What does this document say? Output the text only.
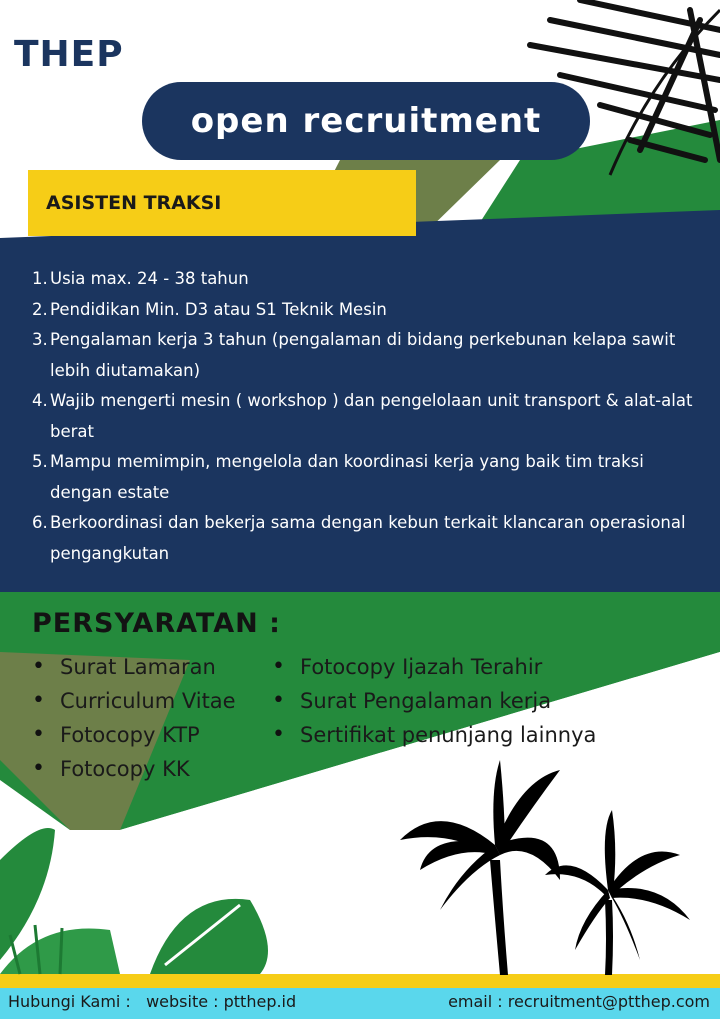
THEP
open recruitment
ASISTEN TRAKSI
1. Usia max. 24 - 38 tahun
2. Pendidikan Min. D3 atau S1 Teknik Mesin
3. Pengalaman kerja 3 tahun (pengalaman di bidang perkebunan kelapa sawit lebih diutamakan)
4. Wajib mengerti mesin ( workshop ) dan pengelolaan unit transport & alat-alat berat
5. Mampu memimpin, mengelola dan koordinasi kerja yang baik tim traksi dengan estate
6. Berkoordinasi dan bekerja sama dengan kebun terkait klancaran operasional pengangkutan
PERSYARATAN :
• Surat Lamaran
• Curriculum Vitae
• Fotocopy KTP
• Fotocopy KK
• Fotocopy Ijazah Terahir
• Surat Pengalaman kerja
• Sertifikat penunjang lainnya
Hubungi Kami :   website : ptthep.id	email : recruitment@ptthep.com
